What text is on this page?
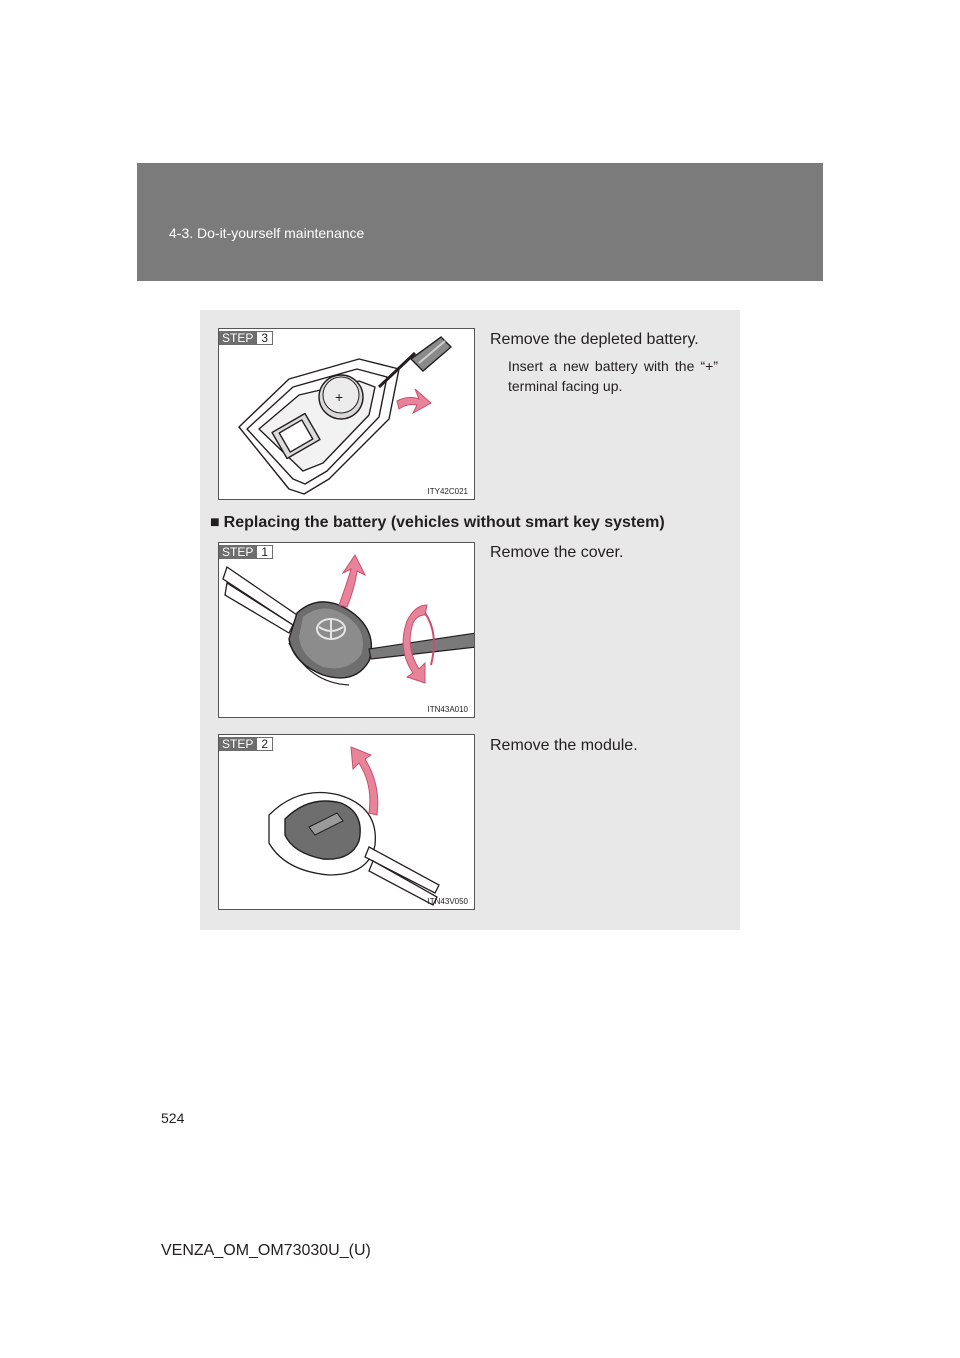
4-3. Do-it-yourself maintenance
STEP 3
+
ITY42C021
Remove the depleted battery.
Insert a new battery with the “+” terminal facing up.
■ Replacing the battery (vehicles without smart key system)
STEP 1
ITN43A010
Remove the cover.
STEP 2
ITN43V050
Remove the module.
524
VENZA_OM_OM73030U_(U)
